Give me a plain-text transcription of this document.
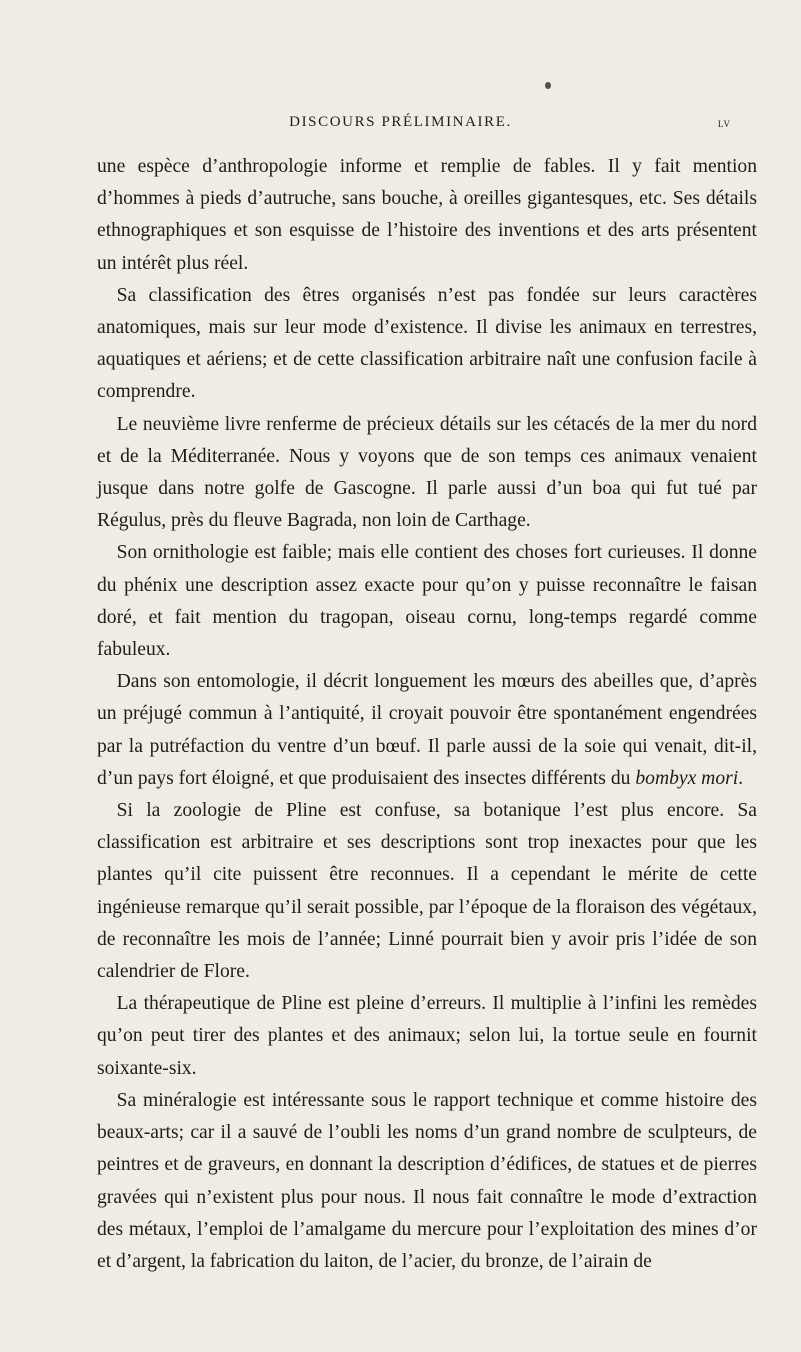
DISCOURS PRÉLIMINAIRE.	lv

une espèce d’anthropologie informe et remplie de fables. Il y fait mention d’hommes à pieds d’autruche, sans bouche, à oreilles gigantesques, etc. Ses détails ethnographiques et son esquisse de l’histoire des inventions et des arts présentent un intérêt plus réel.

Sa classification des êtres organisés n’est pas fondée sur leurs caractères anatomiques, mais sur leur mode d’existence. Il divise les animaux en terrestres, aquatiques et aériens; et de cette classification arbitraire naît une confusion facile à comprendre.

Le neuvième livre renferme de précieux détails sur les cétacés de la mer du nord et de la Méditerranée. Nous y voyons que de son temps ces animaux venaient jusque dans notre golfe de Gascogne. Il parle aussi d’un boa qui fut tué par Régulus, près du fleuve Bagrada, non loin de Carthage.

Son ornithologie est faible; mais elle contient des choses fort curieuses. Il donne du phénix une description assez exacte pour qu’on y puisse reconnaître le faisan doré, et fait mention du tragopan, oiseau cornu, long-temps regardé comme fabuleux.

Dans son entomologie, il décrit longuement les mœurs des abeilles que, d’après un préjugé commun à l’antiquité, il croyait pouvoir être spontanément engendrées par la putréfaction du ventre d’un bœuf. Il parle aussi de la soie qui venait, dit-il, d’un pays fort éloigné, et que produisaient des insectes différents du bombyx mori.

Si la zoologie de Pline est confuse, sa botanique l’est plus encore. Sa classification est arbitraire et ses descriptions sont trop inexactes pour que les plantes qu’il cite puissent être reconnues. Il a cependant le mérite de cette ingénieuse remarque qu’il serait possible, par l’époque de la floraison des végétaux, de reconnaître les mois de l’année; Linné pourrait bien y avoir pris l’idée de son calendrier de Flore.

La thérapeutique de Pline est pleine d’erreurs. Il multiplie à l’infini les remèdes qu’on peut tirer des plantes et des animaux; selon lui, la tortue seule en fournit soixante-six.

Sa minéralogie est intéressante sous le rapport technique et comme histoire des beaux-arts; car il a sauvé de l’oubli les noms d’un grand nombre de sculpteurs, de peintres et de graveurs, en donnant la description d’édifices, de statues et de pierres gravées qui n’existent plus pour nous. Il nous fait connaître le mode d’extraction des métaux, l’emploi de l’amalgame du mercure pour l’exploitation des mines d’or et d’argent, la fabrication du laiton, de l’acier, du bronze, de l’airain de
